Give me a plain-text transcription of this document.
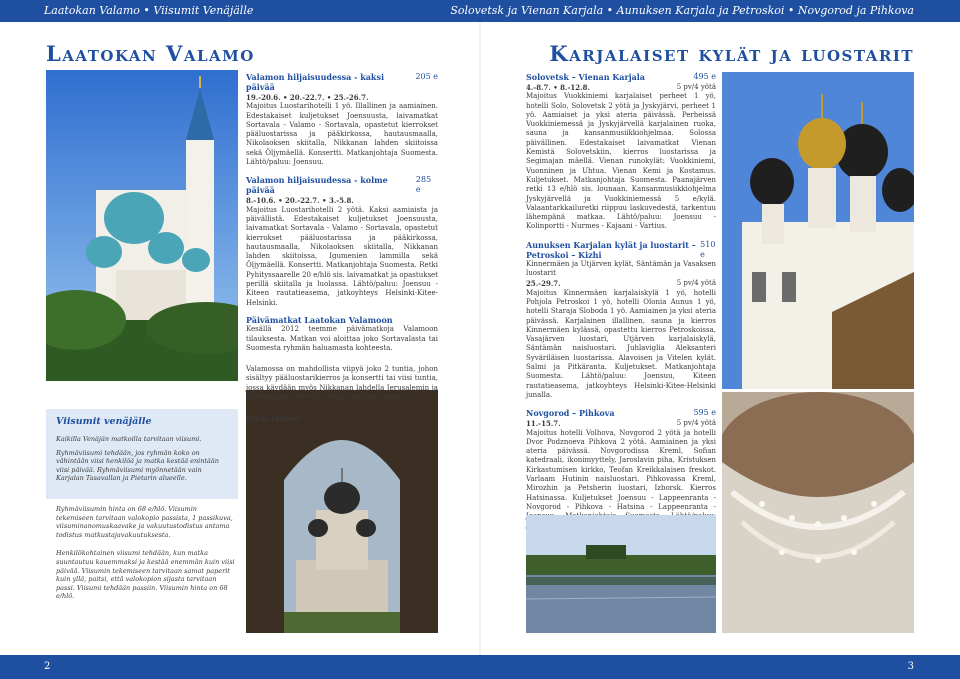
Laatokan Valamo • Viisumit Venäjälle	Solovetsk ja Vienan Karjala • Aunuksen Karjala ja Petroskoi • Novgorod ja Pihkova
2	3
Laatokan Valamo	Karjalaiset kylät ja luostarit
Viisumit venäjälle

Kaikilla Venäjän matkoilla tarvitaan viisumi.

Ryhmäviisumi tehdään, jos ryhmän koko on vähintään viisi henkilöä ja matka kestää enintään viisi päivää. Ryhmäviisumi myönnetään vain Karjalan Tasavallan ja Pietarin alueelle.

Ryhmäviisumin hinta on 68 e/hlö. Viisumin tekemiseen tarvitaan valokopio passista, 1 passikuva, viisuminanomuskaavake ja vakuutustodistus antama todistus matkustajavakuutuksesta.

Henkilökohtainen viisumi tehdään, kun matka suuntautuu kauemmaksi ja kestää enemmän kuin viisi päivää. Viisumin tekemiseen tarvitaan samat paperit kuin yllä, paitsi, että valokopion sijasta tarvitaan passi. Viisumi tehdään passiin. Viisumin hinta on 68 e/hlö.

Valamon hiljaisuudessa - kaksi päivää
205 e
19.-20.6. • 20.-22.7. • 25.-26.7.
Majoitus Luostarihotelli 1 yö. Illallinen ja aamiainen. Edestakaiset kuljetukset Joensuusta, laivamatkat Sortavala - Valamo - Sortavala, opastetut kierrokset pääluostarissa ja pääkirkossa, hautausmaalla, Nikolaoksen skiitalla, Nikkanan lahden skiitoissa sekä Öljymäellä. Konsertti. Matkanjohtaja Suomesta. Lähtö/paluu: Joensuu.
Valamon hiljaisuudessa - kolme päivää
285 e
8.-10.6. • 20.-22.7. • 3.-5.8.
Majoitus Luostarihotelli 2 yötä. Kaksi aamiaista ja päivällistä. Edestakaiset kuljetukset Joensuusta, laivamatkat Sortavala - Valamo - Sortavala, opastetut kierrokset pääluostarissa ja pääkirkossa, hautausmaalla, Nikolaoksen skiitalla, Nikkanan lahden skiitoissa, Igumenien lammilla sekä Öljymäellä. Konsertti. Matkanjohtaja Suomesta. Retki Pyhityssaarelle 20 e/hlö sis. laivamatkat ja opastukset perillä skiitalla ja luolassa. Lähtö/paluu: Joensuu - Kiteen rautatieasema, jatkoyhteys Helsinki-Kitee-Helsinki.
Päivämatkat Laatokan Valamoon
Kesällä 2012 teemme päivämatkoja Valamoon tilauksesta. Matkan voi aloittaa joko Sortavalasta tai Suomesta ryhmän haluamasta kohteesta.
Valamossa on mahdollista viipyä joko 2 tuntia, johon sisältyy pääluostarikierros ja konsertti tai viisi tuntia, jossa käydään myös Nikkanan lahdella Jerusalemin ja Getsemanen skiitoilla, sekä nautitaan lounas.
Pyydä tarjous!
Solovetsk – Vienan Karjala	495 e
4.-8.7. • 8.-12.8.	5 pv/4 yötä
Majoitus Vuokkiniemi karjalaiset perheet 1 yö, hotelli Solo, Solovetsk 2 yötä ja Jyskyjärvi, perheet 1 yö. Aamiaiset ja yksi ateria päivässä. Perheissä Vuokkiniemessä ja Jyskyjärvellä karjalainen ruoka, sauna ja kansanmusiikkiohjelmaa. Solossa päivällinen. Edestakaiset laivamatkat Vienan Kemistä Solovetskiin, kierros luostarissa ja Segimajan mäellä. Vienan runokylät: Vuokkiniemi, Vuonninen ja Uhtua. Vienan Kemi ja Kostamus. Kuljetukset. Matkanjohtaja Suomesta. Paanajärven retki 13 e/hlö sis. lounaan. Kansanmusiikkiohjelma Jyskyjärvellä ja Vuokkiniemessä 5 e/kylä. Valaantarkkailuretki riippuu laskuvedestä, tarkentuu lähempänä matkaa. Lähtö/paluu: Joensuu - Kolinportti - Nurmes - Kajaani - Vartius.
Aunuksen Karjalan kylät ja luostarit – Petroskoi – Kizhi
510 e
Kinnermäen ja Utjärven kylät, Säntämän ja Vasaksen luostarit
25.-29.7.	5 pv/4 yötä
Majoitus Kinnermäen karjalaiskylä 1 yö, hotelli Pohjola Petroskoi 1 yö, hotelli Olonia Aunus 1 yö, hotelli Staraja Sloboda 1 yö. Aamiainen ja yksi ateria päivässä. Karjalainen illallinen, sauna ja kierros Kinnermäen kylässä, opastettu kierros Petroskoissa, Vasajärven luostari, Utjärven karjalaiskylä, Säntämän naisluostari. Juhlaviglia Aleksanteri Syväriläisen luostarissa. Alavoisen ja Vitelen kylät. Salmi ja Pitkäranta. Kuljetukset. Matkanjohtaja Suomesta. Lähtö/paluu: Joensuu, Kiteen rautatieasema, jatkoyhteys Helsinki-Kitee-Helsinki junalla.
Novgorod – Pihkova	595 e
11.-15.7.	5 pv/4 yötä
Majoitus hotelli Volhova, Novgorod 2 yötä ja hotelli Dvor Podznoeva Pihkova 2 yötä. Aamiainen ja yksi ateria päivässä. Novgorodissa Kreml, Sofian katedraali, ikonimyyttely, Jaroslavin piha, Kristuksen Kirkastumisen kirkko, Teofan Kreikkalaisen freskot. Varlaam Hutinin naisluostari. Pihkovassa Kreml, Mirozhin ja Petsherin luostari, Izborsk. Kierros Hatsinassa. Kuljetukset Joensuu - Lappeenranta - Novgorod - Pihkova - Hatsina - Lappeenranta -
